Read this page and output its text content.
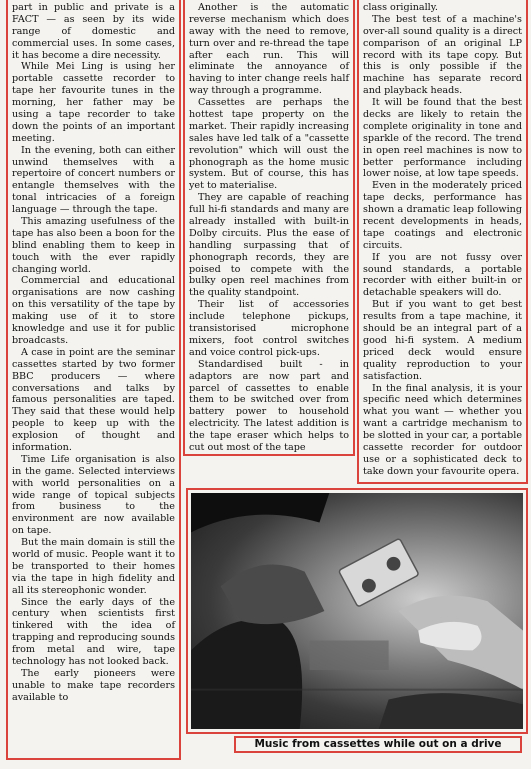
part in public and private is a FACT — as seen by its wide range of domestic and commercial uses. In some cases, it has become a dire necessity.

While Mei Ling is using her portable cassette recorder to tape her favourite tunes in the morning, her father may be using a tape recorder to take down the points of an important meeting.

In the evening, both can either unwind themselves with a repertoire of concert numbers or entangle themselves with the tonal intricacies of a foreign language — through the tape.

This amazing usefulness of the tape has also been a boon for the blind enabling them to keep in touch with the ever rapidly changing world.

Commercial and educational organisations are now cashing on this versatility of the tape by making use of it to store knowledge and use it for public broadcasts.

A case in point are the seminar cassettes started by two former BBC producers — where conversations and talks by famous personalities are taped. They said that these would help people to keep up with the explosion of thought and information.

Time Life organisation is also in the game. Selected interviews with world personalities on a wide range of topical subjects from business to the environment are now available on tape.

But the main domain is still the world of music. People want it to be transported to their homes via the tape in high fidelity and all its stereophonic wonder.

Since the early days of the century when scientists first tinkered with the idea of trapping and reproducing sounds from metal and wire, tape technology has not looked back.

The early pioneers were unable to make tape recorders available to

Another is the automatic reverse mechanism which does away with the need to remove, turn over and re-thread the tape after each run. This will eliminate the annoyance of having to inter change reels half way through a programme.

Cassettes are perhaps the hottest tape property on the market. Their rapidly increasing sales have led talk of a "cassette revolution" which will oust the phonograph as the home music system. But of course, this has yet to materialise.

They are capable of reaching full hi-fi standards and many are already installed with built-in Dolby circuits. Plus the ease of handling surpassing that of phonograph records, they are poised to compete with the bulky open reel machines from the quality standpoint.

Their list of accessories include telephone pickups, transistorised microphone mixers, foot control switches and voice control pick-ups.

Standardised built - in adaptors are now part and parcel of cassettes to enable them to be switched over from battery power to household electricity. The latest addition is the tape eraser which helps to cut out most of the tape

class originally.

The best test of a machine's over-all sound quality is a direct comparison of an original LP record with its tape copy. But this is only possible if the machine has separate record and playback heads.

It will be found that the best decks are likely to retain the complete originality in tone and sparkle of the record. The trend in open reel machines is now to better performance including lower noise, at low tape speeds.

Even in the moderately priced tape decks, performance has shown a dramatic leap following recent developments in heads, tape coatings and electronic circuits.

If you are not fussy over sound standards, a portable recorder with either built-in or detachable speakers will do.

But if you want to get best results from a tape machine, it should be an integral part of a good hi-fi system. A medium priced deck would ensure quality reproduction to your satisfaction.

In the final analysis, it is your specific need which determines what you want — whether you want a cartridge mechanism to be slotted in your car, a portable cassette recorder for outdoor use or a sophisticated deck to take down your favourite opera.

Music from cassettes while out on a drive
